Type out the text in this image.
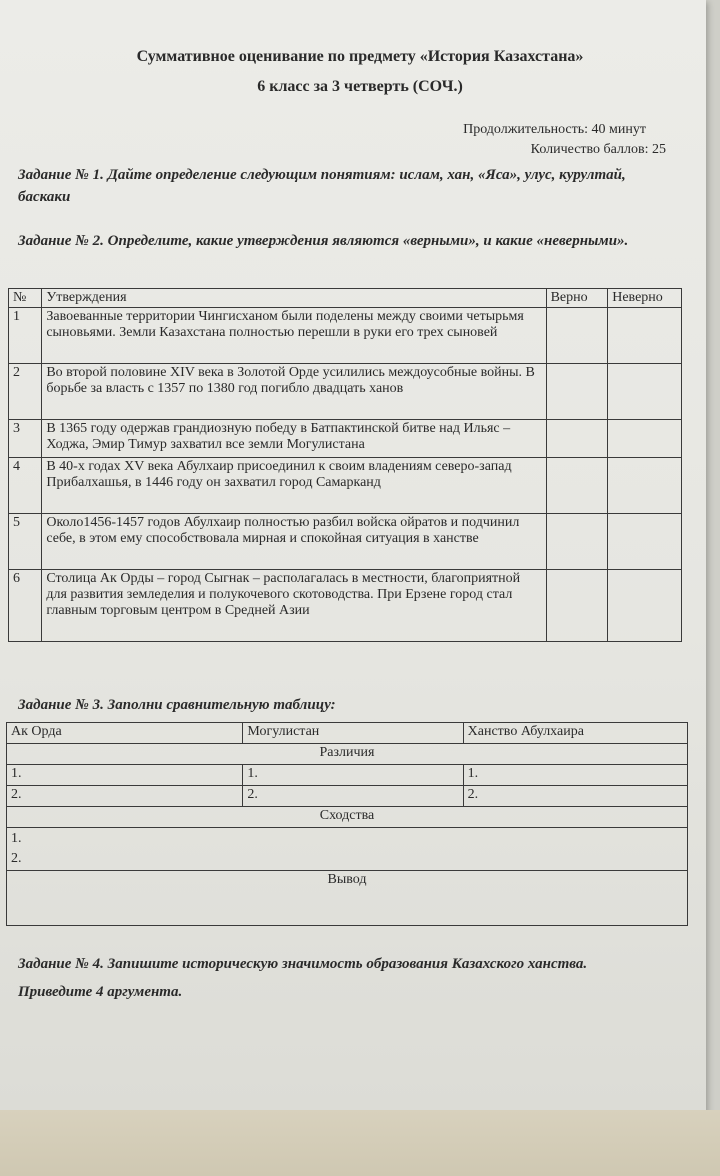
Суммативное оценивание по предмету «История Казахстана»
6 класс за 3 четверть (СОЧ.)
Продолжительность: 40 минут
Количество баллов: 25
Задание № 1. Дайте определение следующим понятиям: ислам, хан, «Яса», улус, курултай, баскаки
Задание № 2. Определите, какие утверждения являются «верными», и какие «неверными».
№	Утверждения	Верно	Неверно
1	Завоеванные территории Чингисханом были поделены между своими четырьмя сыновьями. Земли Казахстана полностью перешли в руки его трех сыновей		
2	Во второй половине XIV века в Золотой Орде усилились междоусобные войны. В борьбе за власть с 1357 по 1380 год погибло двадцать ханов		
3	В 1365 году одержав грандиозную победу в Батпактинской битве над Ильяс –Ходжа, Эмир Тимур захватил все земли Могулистана		
4	В 40-х годах XV века Абулхаир присоединил к своим владениям северо-запад Прибалхашья, в 1446 году он захватил город Самарканд		
5	Около1456-1457 годов Абулхаир полностью разбил войска ойратов и подчинил себе, в этом ему способствовала мирная и спокойная ситуация в ханстве		
6	Столица Ак Орды – город Сыгнак – располагалась в местности, благоприятной для развития земледелия и полукочевого скотоводства. При Ерзене город стал главным торговым центром в Средней Азии		
Задание № 3. Заполни сравнительную таблицу:
Ак Орда	Могулистан	Ханство Абулхаира
Различия		
1.	1.	1.
2.	2.	2.
Сходства		

1.
2.		

Вывод		
Задание № 4. Запишите историческую значимость образования Казахского ханства. Приведите 4 аргумента.
